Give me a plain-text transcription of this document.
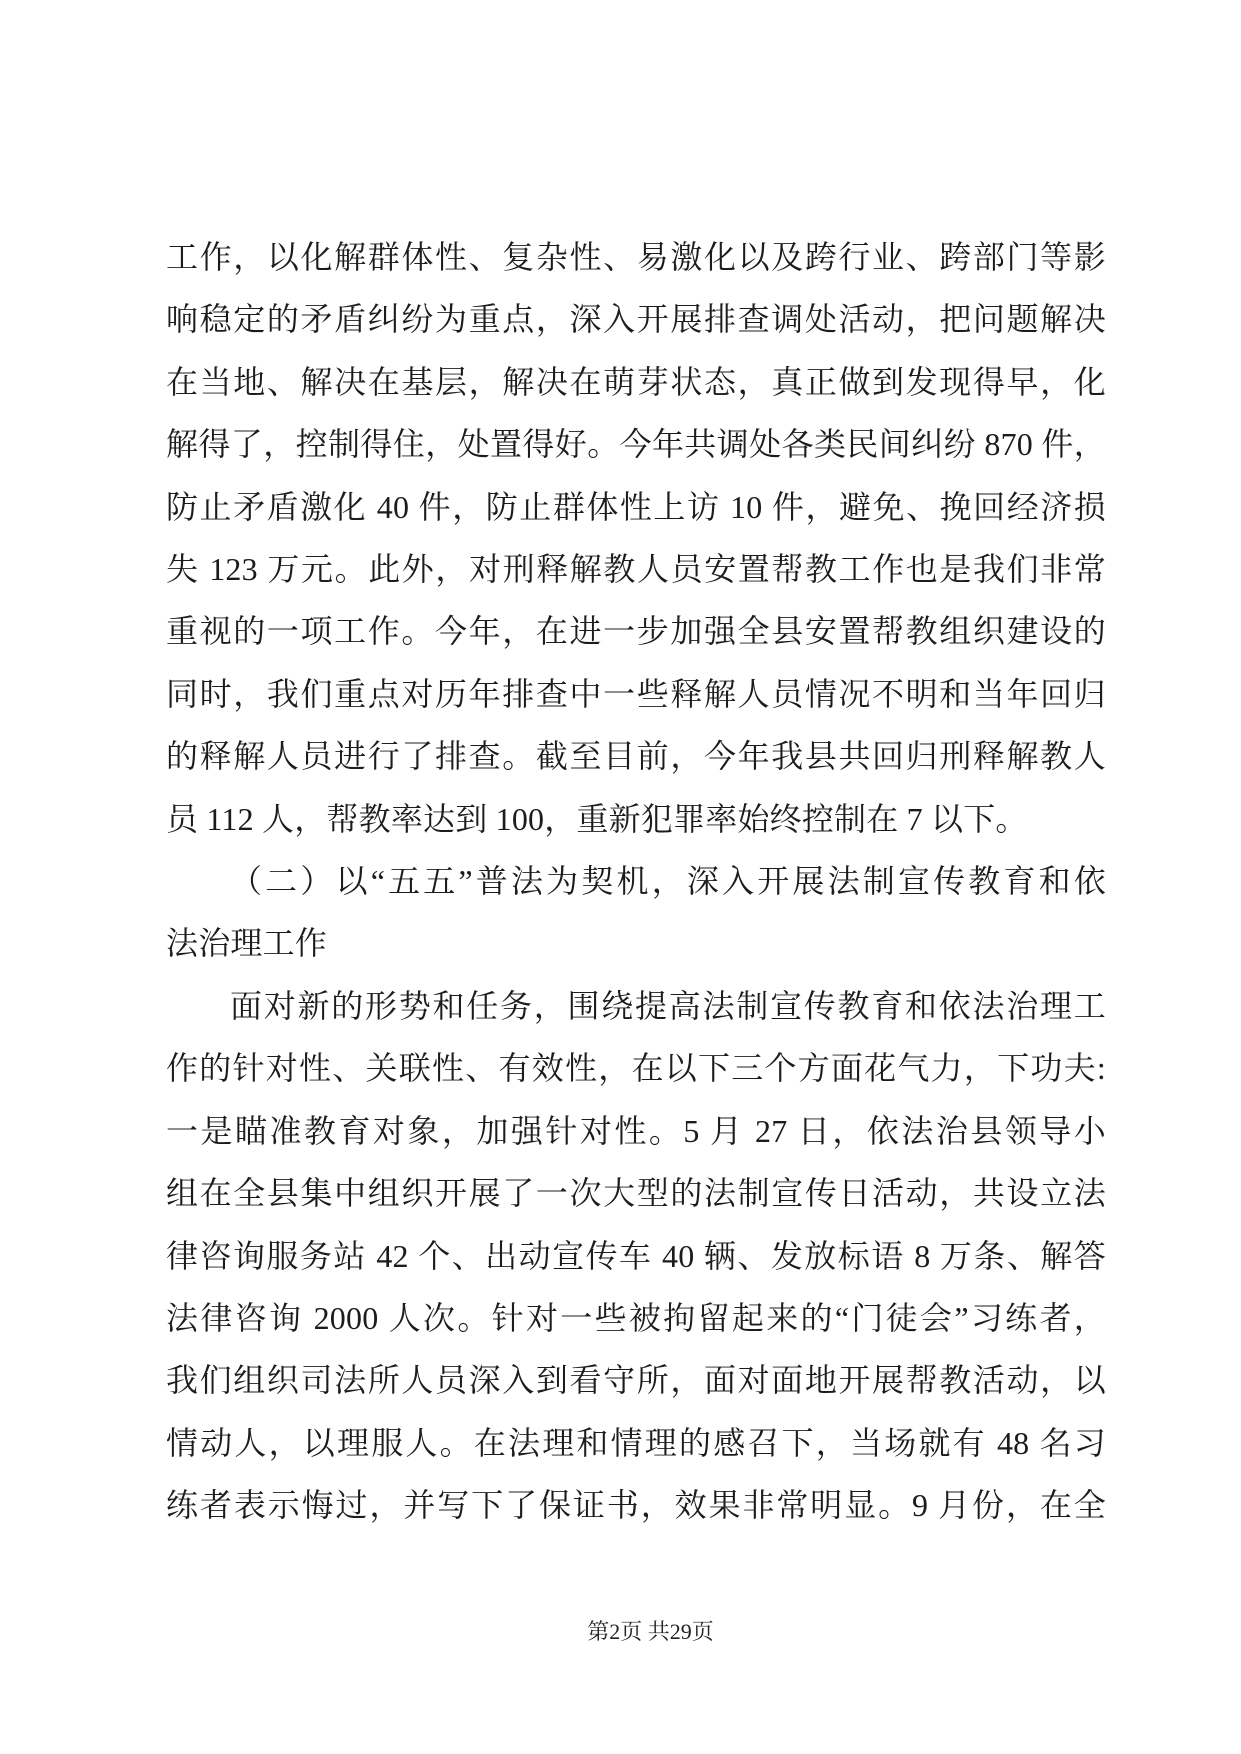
工作，以化解群体性、复杂性、易激化以及跨行业、跨部门等影

响稳定的矛盾纠纷为重点，深入开展排查调处活动，把问题解决

在当地、解决在基层，解决在萌芽状态，真正做到发现得早，化

解得了，控制得住，处置得好。今年共调处各类民间纠纷 870 件，

防止矛盾激化 40 件，防止群体性上访 10 件，避免、挽回经济损

失 123 万元。此外，对刑释解教人员安置帮教工作也是我们非常

重视的一项工作。今年，在进一步加强全县安置帮教组织建设的

同时，我们重点对历年排查中一些释解人员情况不明和当年回归

的释解人员进行了排查。截至目前，今年我县共回归刑释解教人

员 112 人，帮教率达到 100，重新犯罪率始终控制在 7 以下。

（二）以“五五”普法为契机，深入开展法制宣传教育和依

法治理工作

面对新的形势和任务，围绕提高法制宣传教育和依法治理工

作的针对性、关联性、有效性，在以下三个方面花气力，下功夫:

一是瞄准教育对象，加强针对性。5 月 27 日，依法治县领导小

组在全县集中组织开展了一次大型的法制宣传日活动，共设立法

律咨询服务站 42 个、出动宣传车 40 辆、发放标语 8 万条、解答

法律咨询 2000 人次。针对一些被拘留起来的“门徒会”习练者，

我们组织司法所人员深入到看守所，面对面地开展帮教活动，以

情动人，以理服人。在法理和情理的感召下，当场就有 48 名习

练者表示悔过，并写下了保证书，效果非常明显。9 月份，在全

第2页 共29页
